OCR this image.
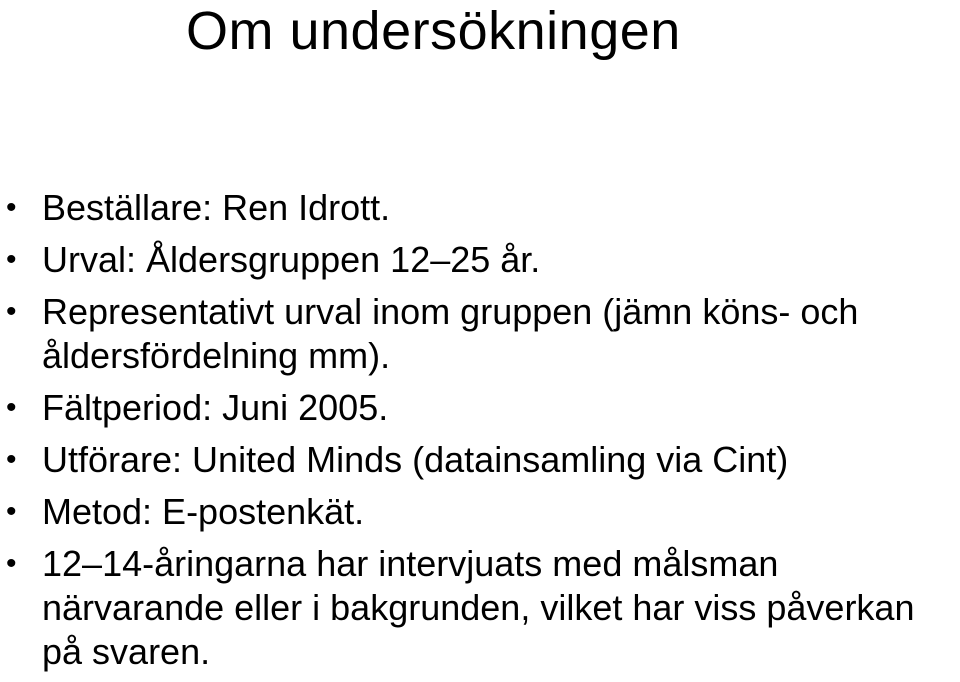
Om undersökningen
• Beställare: Ren Idrott.
• Urval: Åldersgruppen 12–25 år.
• Representativt urval inom gruppen (jämn köns- och åldersfördelning mm).
• Fältperiod: Juni 2005.
• Utförare: United Minds (datainsamling via Cint)
• Metod: E-postenkät.
• 12–14-åringarna har intervjuats med målsman närvarande eller i bakgrunden, vilket har viss påverkan på svaren.
